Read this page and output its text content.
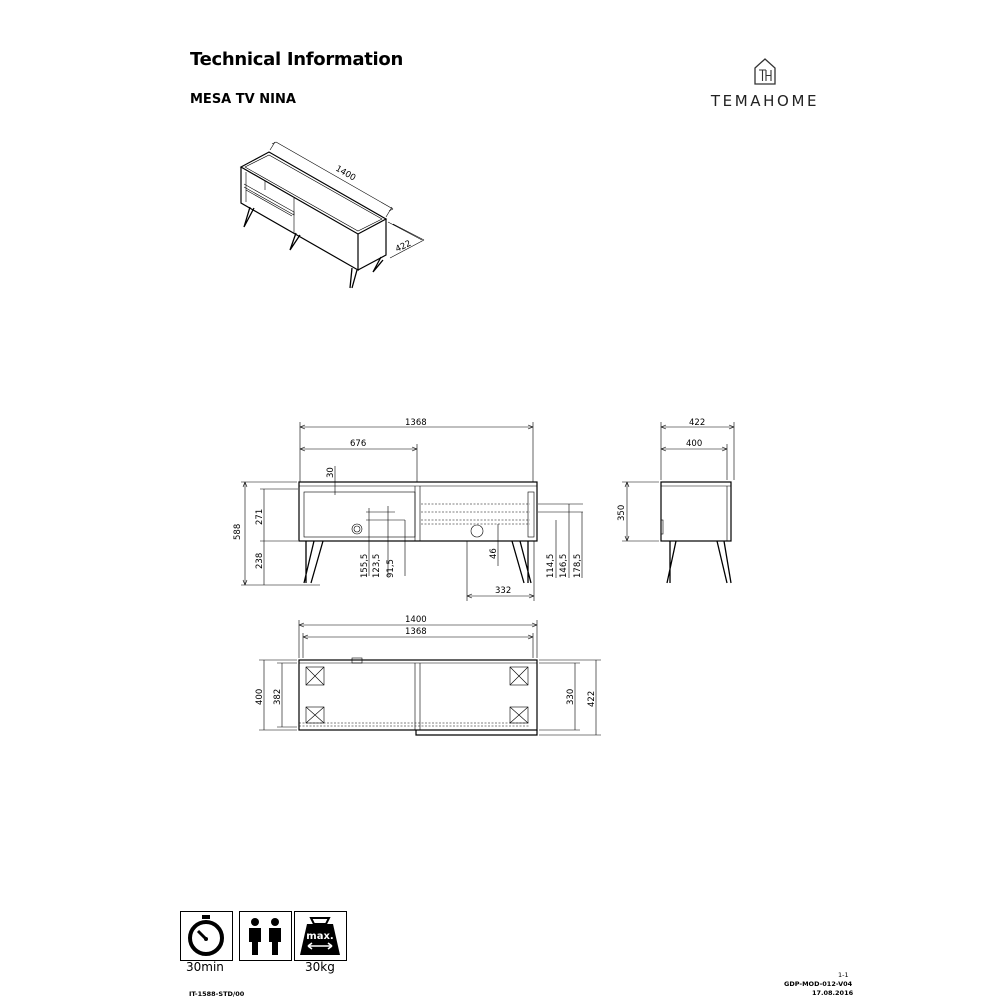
Technical Information
MESA TV NINA	TEMAHOME
1400
422
1368
676
30
588
271
238	155,5 123,5 91,5
46
114,5 146,5 178,5
332
422
400
350
1400
1368
400 382	330 422
max.
30min	30kg
IT-1588-STD/00
1-1
GDP-MOD-012-V04
17.08.2016
